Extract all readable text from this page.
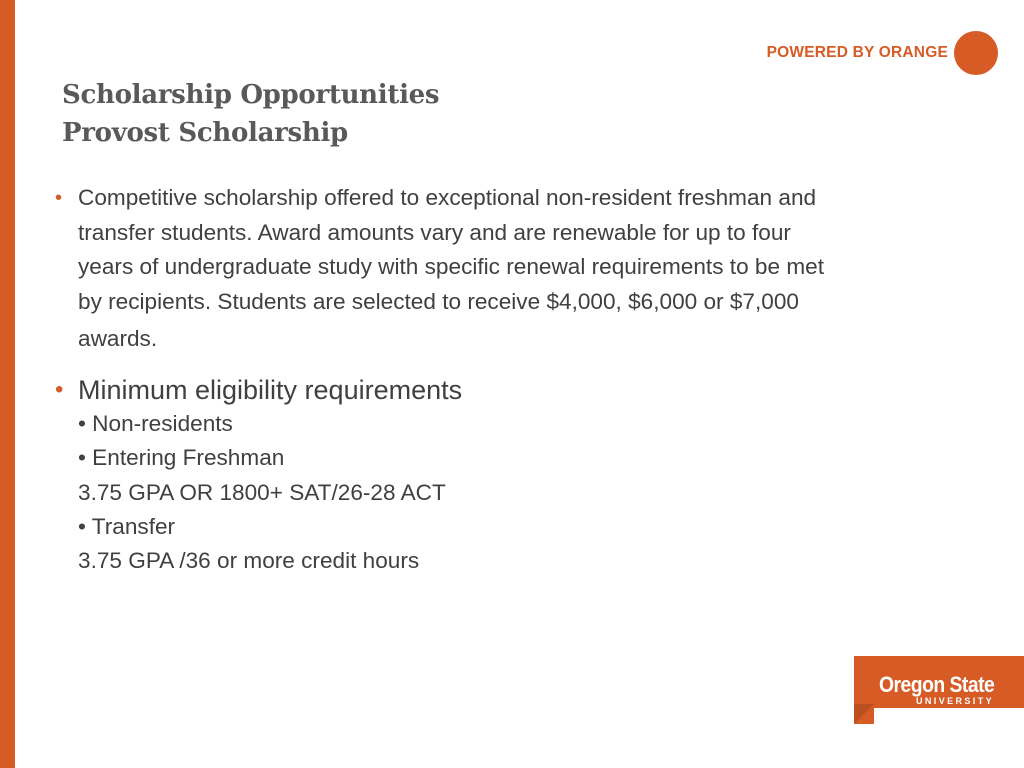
POWERED BY ORANGE
Scholarship Opportunities
Provost Scholarship
• Competitive scholarship offered to exceptional non-resident freshman and
transfer students. Award amounts vary and are renewable for up to four
years of undergraduate study with specific renewal requirements to be met
by recipients. Students are selected to receive $4,000, $6,000 or $7,000
awards.
• Minimum eligibility requirements
• Non-residents
• Entering Freshman
3.75 GPA OR 1800+ SAT/26-28 ACT
• Transfer
3.75 GPA /36 or more credit hours
Oregon State
UNIVERSITY
